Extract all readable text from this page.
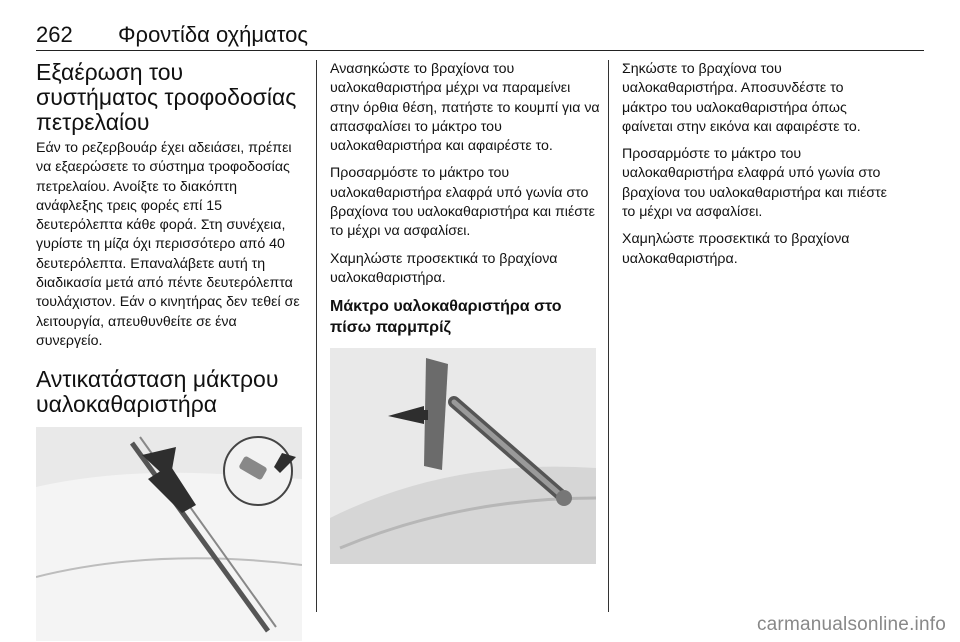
262 Φροντίδα οχήματος
Εξαέρωση του συστήματος τροφοδοσίας πετρελαίου

Εάν το ρεζερβουάρ έχει αδειάσει, πρέπει να εξαερώσετε το σύστημα τροφοδοσίας πετρελαίου. Ανοίξτε το διακόπτη ανάφλεξης τρεις φορές επί 15 δευτερόλεπτα κάθε φορά. Στη συνέχεια, γυρίστε τη μίζα όχι περισσότερο από 40 δευτερόλεπτα. Επαναλάβετε αυτή τη διαδικασία μετά από πέντε δευτερόλεπτα τουλάχιστον. Εάν ο κινητήρας δεν τεθεί σε λειτουργία, απευθυνθείτε σε ένα συνεργείο.

Αντικατάσταση μάκτρου υαλοκαθαριστήρα

Ανασηκώστε το βραχίονα του υαλοκαθαριστήρα μέχρι να παραμείνει στην όρθια θέση, πατήστε το κουμπί για να απασφαλίσει το μάκτρο του υαλοκαθαριστήρα και αφαιρέστε το.

Προσαρμόστε το μάκτρο του υαλοκαθαριστήρα ελαφρά υπό γωνία στο βραχίονα του υαλοκαθαριστήρα και πιέστε το μέχρι να ασφαλίσει.

Χαμηλώστε προσεκτικά το βραχίονα υαλοκαθαριστήρα.

Μάκτρο υαλοκαθαριστήρα στο πίσω παρμπρίζ

Σηκώστε το βραχίονα του υαλοκαθαριστήρα. Αποσυνδέστε το μάκτρο του υαλοκαθαριστήρα όπως φαίνεται στην εικόνα και αφαιρέστε το.

Προσαρμόστε το μάκτρο του υαλοκαθαριστήρα ελαφρά υπό γωνία στο βραχίονα του υαλοκαθαριστήρα και πιέστε το μέχρι να ασφαλίσει.

Χαμηλώστε προσεκτικά το βραχίονα υαλοκαθαριστήρα.

carmanualsonline.info
